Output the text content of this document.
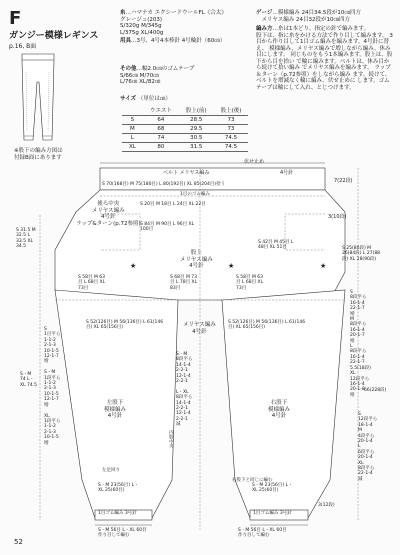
F
ガンジー模様レギンス
p.16, B面
糸…ハマナカ エクシードウールFL《合太》
グレージュ(203)
S/320g M/345g
L/375g XL/400g
用具…3号、4号4本棒針 4号輪針（60㎝）
その他…幅2.0㎝のゴムテープ
S/66㎝ M/70㎝
L/76㎝ XL/82㎝
サイズ （単位は㎝）
	ウエスト	股上(前)	股上(後)
S	64	28.5	73
M	68	29.5	73
L	74	30.5	74.5
XL	80	31.5	74.5
ゲージ…模様編み 24目34.5段が10㎝四方
　メリヤス編み 24目32段が10㎝四方
編み方…糸は1本どり、指定の針で編みます。
股下は、指に糸をかける方法で作り目して編みます。 3目から作り目して1目ゴム編みを編みます。4号針に替え、 模様編み、メリヤス編みで増しながら編み、休み目にします。 同じものをもう1本編みます。股上は、股下から目を拾い で輪に編みます。ベルトは、休み目から続けて拾い編み でメリヤス編みを編みます。 ラップ＆ターン（p.72参照）をしながら編み ます。続けて、ベルトを増減なく輪に編み、伏せ止めに します。ゴムテープは輪にして入れ、とじつけます。
※股下の編み方図は
付録B面にあります
伏せ止め
ベルト メリヤス編み	4号針
S 70(168目) M 75(180目) L 80(192目) XL 85(204目)拾う
7(22段)
1目のゴム編み
後ろ中央
メリヤス編み
4号針
ラップ&ターン(p.72参照)
S 20目 M 18目 L 24目 XL 22目
3(10段)
S 84目 M 90目 L 96目 XL 100目
股上
メリヤス編み
4号針
S 42目 M 45目 L 48目 XL 51目
S 31.5 M 32.5 L 33.5 XL 34.5	S 25(80段) M 26(84段) L 27(88段) XL 28(90段)
S 58目 M 63目 L 68目 XL 73目
S 68目 M 73目 L 78目 XL 83目
S 58目 M 63目 L 68目 XL 73目
★	★	★
S 52(126目) M 56(136目) L 61(146目) XL 65(156目)
S 52(126目) M 56(136目) L 61(146目) XL 65(156目)
メリヤス編み
4号針
左股下
模様編み
4号針
右股下
模様編み
4号針
S・M 74 L・XL 74.5
66(228段)
S
1目平ら
1-1-2
2-1-3
10-1-5
12-1-7
増

S・M
1段平ら
1-1-2
2-1-3
10-1-5
12-1-7
増

XL
1段平ら
1-1-2
2-1-3
10-1-5
増
S
8段平ら
16-1-4
22-1-7
増
M
8段平ら
16-1-4
20-1-7
増
L
8段平ら
16-1-4
22-1-7
5.5(18段)
XL
12段平ら
16-1-4
20-1-8
増
S・M
8段平ら
14-1-4
2-2-1
12-1-4
2-2-1

L・XL
8段平ら
14-1-4
2-2-1
12-1-4
2-2-1
減
S
12段平ら
18-1-4
M
4段平ら
20-1-4
L
6段平ら
20-1-4
XL
8段平ら
22-1-4
減
左足回り
内股中央
右股下と同じに編む
S・M 23(56目) L・XL 25(60目)
S・M 23(56目) L・XL 25(60目)
1目ゴム編み 3号針	1目ゴム編み 3号針
3(12段)
S・M 56目 L・XL 60目
作り目して編む
S・M 56目 L・XL 60目
作り目して編む
52
